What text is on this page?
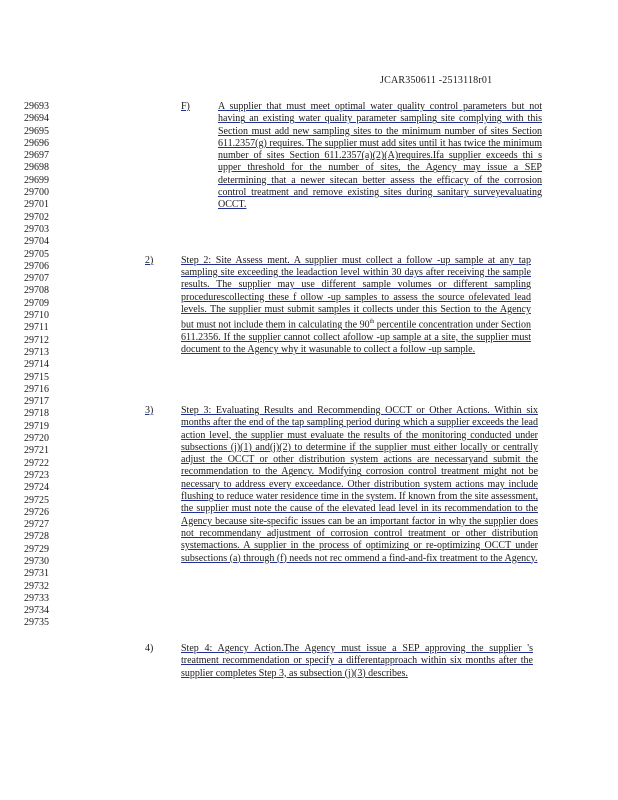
JCAR350611 -2513118r01
29693
29694
29695
29696
29697
29698
29699
29700
29701
29702
29703
29704
29705
29706
29707
29708
29709
29710
29711
29712
29713
29714
29715
29716
29717
29718
29719
29720
29721
29722
29723
29724
29725
29726
29727
29728
29729
29730
29731
29732
29733
29734
29735
F)	A supplier that must meet optimal water quality control parameters but not having an existing water quality parameter sampling site complying with this Section must add new sampling sites to the minimum number of sites Section 611.2357(g) requires. The supplier must add sites until it has twice the minimum number of sites Section 611.2357(a)(2)(A)requires.Ifa supplier exceeds thi s upper threshold for the number of sites, the Agency may issue a SEP determining that a newer sitecan better assess the efficacy of the corrosion control treatment and remove existing sites during sanitary surveyevaluating OCCT.
2)	Step 2: Site Assess ment. A supplier must collect a follow -up sample at any tap sampling site exceeding the leadaction level within 30 days after receiving the sample results. The supplier may use different sample volumes or different sampling procedurescollecting these f ollow -up samples to assess the source ofelevated lead levels. The supplier must submit samples it collects under this Section to the Agency but must not include them in calculating the 90th percentile concentration under Section 611.2356. If the supplier cannot collect afollow -up sample at a site, the supplier must document to the Agency why it wasunable to collect a follow -up sample.
3)	Step 3: Evaluating Results and Recommending OCCT or Other Actions. Within six months after the end of the tap sampling period during which a supplier exceeds the lead action level, the supplier must evaluate the results of the monitoring conducted under subsections (j)(1) and(j)(2) to determine if the supplier must either locally or centrally adjust the OCCT or other distribution system actions are necessaryand submit the recommendation to the Agency. Modifying corrosion control treatment might not be necessary to address every exceedance. Other distribution system actions may include flushing to reduce water residence time in the system. If known from the site assessment, the supplier must note the cause of the elevated lead level in its recommendation to the Agency because site-specific issues can be an important factor in why the supplier does not recommendany adjustment of corrosion control treatment or other distribution systemactions. A supplier in the process of optimizing or re-optimizing OCCT under subsections (a) through (f) needs not rec ommend a find-and-fix treatment to the Agency.
4)	Step 4: Agency Action.The Agency must issue a SEP approving the supplier 's treatment recommendation or specify a differentapproach within six months after the supplier completes Step 3, as subsection (j)(3) describes.
